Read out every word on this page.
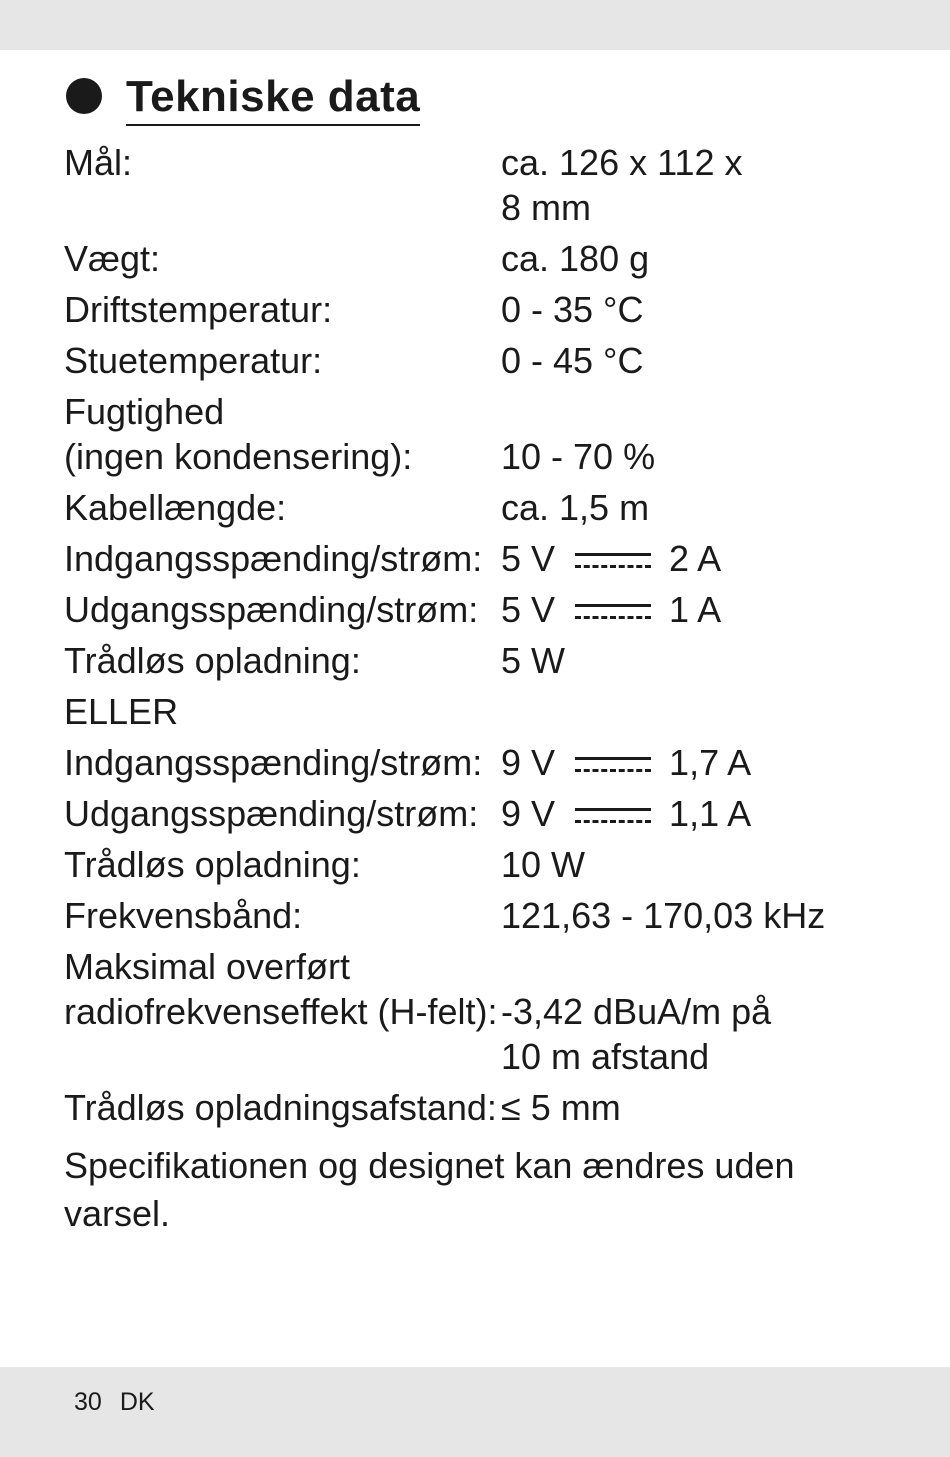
Tekniske data
Mål:	ca. 126 x 112 x
8 mm
Vægt:	ca. 180 g
Driftstemperatur:	0 - 35 °C
Stuetemperatur:	0 - 45 °C
Fugtighed
(ingen kondensering):
	10 - 70 %
Kabellængde:	ca. 1,5 m
Indgangsspænding/strøm: 5 V	2 A
Udgangsspænding/strøm: 5 V	1 A
Trådløs opladning:	5 W
ELLER
Indgangsspænding/strøm: 9 V	1,7 A
Udgangsspænding/strøm: 9 V	1,1 A
Trådløs opladning:	10 W
Frekvensbånd:	121,63 - 170,03 kHz
Maksimal overført
radiofrekvenseffekt (H-felt):
-3,42 dBuA/m på
10 m afstand
Trådløs opladningsafstand: ≤ 5 mm
Specifikationen og designet kan ændres uden varsel.
30 DK
